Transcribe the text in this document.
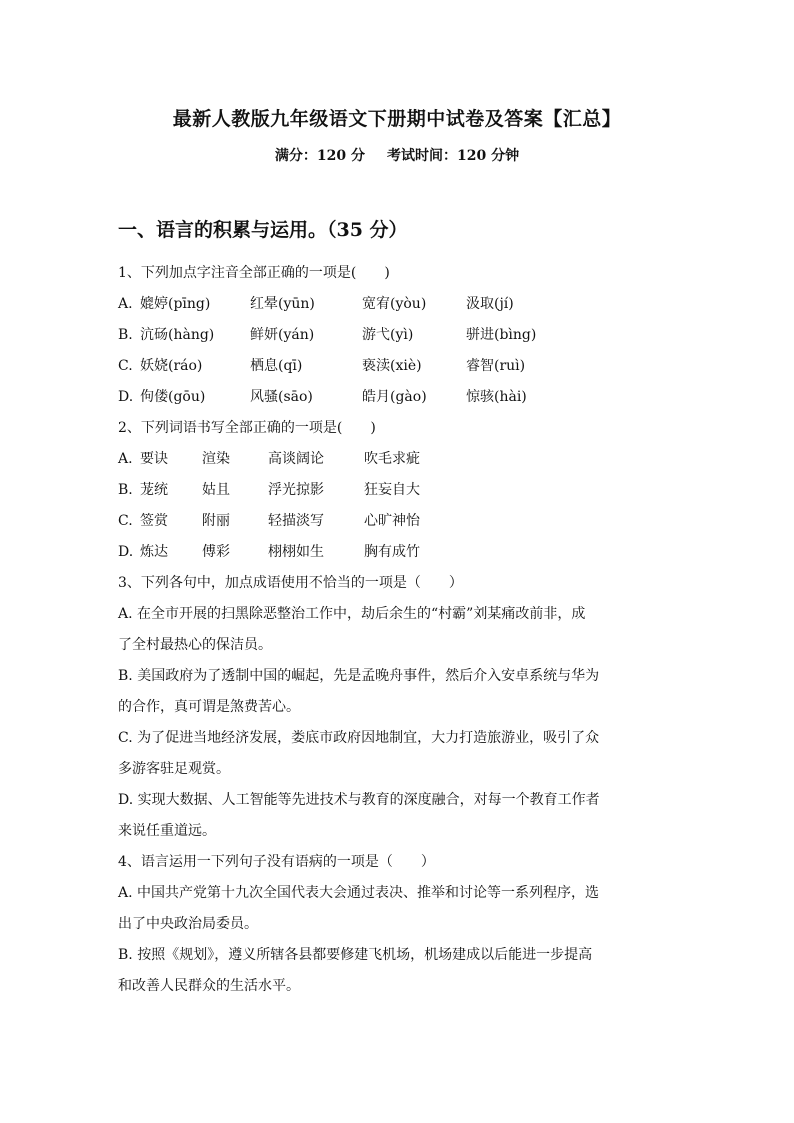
最新人教版九年级语文下册期中试卷及答案【汇总】
满分：120 分 考试时间：120 分钟
一、语言的积累与运用。（35 分）
1、下列加点字注音全部正确的一项是(　　)
A. 媲婷(pīng)	红晕(yūn)	宽宥(yòu)	汲取(jí)
B. 沆砀(hàng)	鲜妍(yán)	游弋(yì)	骈进(bìng)
C. 妖娆(ráo)	栖息(qī)	亵渎(xiè)	睿智(ruì)
D. 佝偻(gōu)	风骚(sāo)	皓月(gào)	惊骇(hài)
2、下列词语书写全部正确的一项是(　　)
A. 要诀	渲染	高谈阔论	吹毛求疵
B. 茏统	姑且	浮光掠影	狂妄自大
C. 签赏	附丽	轻描淡写	心旷神怡
D. 炼达	傅彩	栩栩如生	胸有成竹
3、下列各句中，加点成语使用不恰当的一项是（　　）

A. 在全市开展的扫黑除恶整治工作中，劫后余生的“村霸”刘某痛改前非，成

了全村最热心的保洁员。

B. 美国政府为了透制中国的崛起，先是孟晚舟事件，然后介入安卓系统与华为

的合作，真可谓是煞费苦心。

C. 为了促进当地经济发展，娄底市政府因地制宜，大力打造旅游业，吸引了众

多游客驻足观赏。

D. 实现大数据、人工智能等先进技术与教育的深度融合，对每一个教育工作者

来说任重道远。

4、语言运用一下列句子没有语病的一项是（　　）

A. 中国共产党第十九次全国代表大会通过表决、推举和讨论等一系列程序，选

出了中央政治局委员。

B. 按照《规划》，遵义所辖各县都要修建飞机场，机场建成以后能进一步提高

和改善人民群众的生活水平。
